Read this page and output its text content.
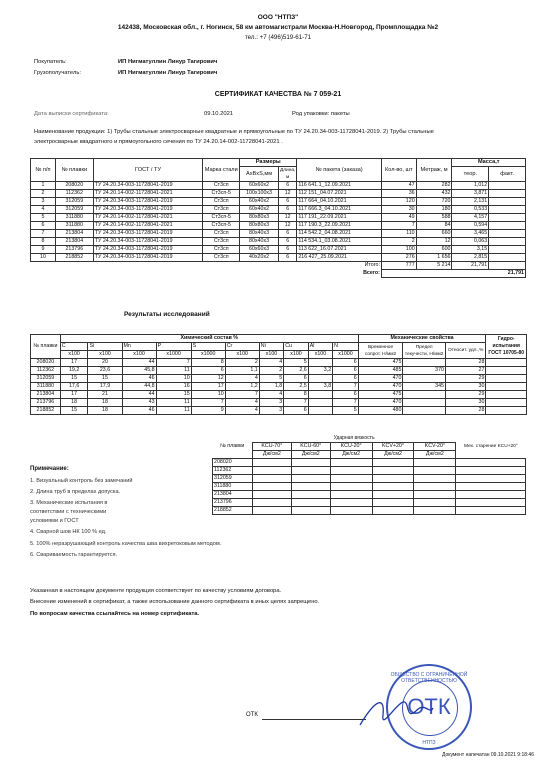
ООО "НТПЗ"
142438, Московская обл., г. Ногинск, 58 км автомагистрали Москва-Н.Новгород, Промплощадка №2
тел.: +7 (496)519-61-71
Покупатель:	ИП Нигматуллин Линур Тагирович
Грузополучатель:	ИП Нигматуллин Линур Тагирович
СЕРТИФИКАТ КАЧЕСТВА № 7 059-21
Дата выписки сертификата:	09.10.2021	Род упаковки: пакеты
Наименование продукции: 1) Трубы стальные электросварные квадратные и прямоугольные по ТУ 24.20.34-003-11728041-2019. 2) Трубы стальные
электросварные квадратного и прямоугольного сечения по ТУ 24.20.14-002-11728041-2021 .
№ п/п	№ плавки	ГОСТ / ТУ	Марка стали	Размеры		№ пакета (заказа)	Кол-во, шт	Метраж, м	Масса,т	
				AxBxS,мм	Длина, м				теор.	факт.
1	208020	ТУ 24.20.34-003-11728041-2019	Ст3сп	60х60х2	6	116 641.1_12.09.2021	47	282	1,012	
2	112362	ТУ 24.20.14-002-11728041-2021	Ст3сп-5	100х100х3	12	112 151_04.07.2021	36	432	3,871	
3	312059	ТУ 24.20.34-003-11728041-2019	Ст3сп	60х40х2	6	117 664_04.10.2021	120	720	2,131	
4	312059	ТУ 24.20.34-003-11728041-2019	Ст3сп	60х40х2	6	117 666.3_04.10.2021	30	180	0,533	
5	311880	ТУ 24.20.14-002-11728041-2021	Ст3сп-5	80х80х3	12	117 191_22.09.2021	49	588	4,157	
6	311880	ТУ 24.20.14-002-11728041-2021	Ст3сп-5	80х80х3	12	117 190.3_22.09.2021	7	84	0,594	
7	213804	ТУ 24.20.34-003-11728041-2019	Ст3сп	80х40х3	6	114 542.2_04.08.2021	110	660	3,465	
8	213804	ТУ 24.20.34-003-11728041-2019	Ст3сп	80х40х3	6	114 534.1_03.08.2021	2	12	0,063	
9	213796	ТУ 24.20.34-003-11728041-2019	Ст3сп	60х60х3	6	113 622_16.07.2021	100	600	3,15	
10	218852	ТУ 24.20.34-003-11728041-2019	Ст3сп	40х20х2	6	216 427_25.09.2021	276	1 656	2,815	
Итого:							777	5 214	21,791	
Всего:							21,791			
Результаты исследований
№ плавки	Химический состав %										Механические свойства			Гидро- испытания ГОСТ 10705-80
	C	Si	Mn	P	S	Cr	Ni	Cu	Al	N	Временное сопрот. Н/мм2	Предел текучести, Н/мм2	Относит. удл.,%	
	x100	x100	x100	x1000	x1000	x100	x100	x100	x100	x1000				
208020	17	20	44	7	8	2	4	5		6	475		28	
112362	19,2	23,6	45,8	11	6	1,1	2	2,6	3,2	6	485	370	27	
312059	15	15	46	10	12	4	5	6		6	470		29	
311880	17,6	17,9	44,8	16	17	1,2	1,8	2,5	3,8	7	470	345	30	
213804	17	21	44	15	10	7	4	8		6	475		29	
213796	18	18	43	11	7	4	3	7		7	470		30	
218852	15	18	46	11	9	4	3	6		5	480		28	
№ плавки	Ударная вязкость					Мех. старение KCU+20°
	KCU-70°	KCU-60°	KCU-20°	KCV+20°	KCV-20°	
	Дж/см2	Дж/см2	Дж/см2	Дж/см2	Дж/см2	
208020						
112362						
312059						
311880						
213804						
213796						
218852						
Примечание:
1. Визуальный контроль без замечаний
2. Длина труб в пределах допуска.
3. Механические испытания в
соответствии с техническими
условиями и ГОСТ
4. Сварной шов НК 100 % ед.
5. 100% неразрушающий контроль качества шва вихретоковым методом.
6. Свариваемость гарантируется.
Указанная в настоящем документе продукция соответствует по качеству условиям договора.
Внесение изменений в сертификат, а также использование данного сертификата в иных целях запрещено.
По вопросам качества ссылайтесь на номер сертификата.
ОТК
ОБЩЕСТВО С ОГРАНИЧЕННОЙ ОТВЕТСТВЕННОСТЬЮ
ОТК
НТПЗ
Документ напечатан 09.10.2021 9:18:46
